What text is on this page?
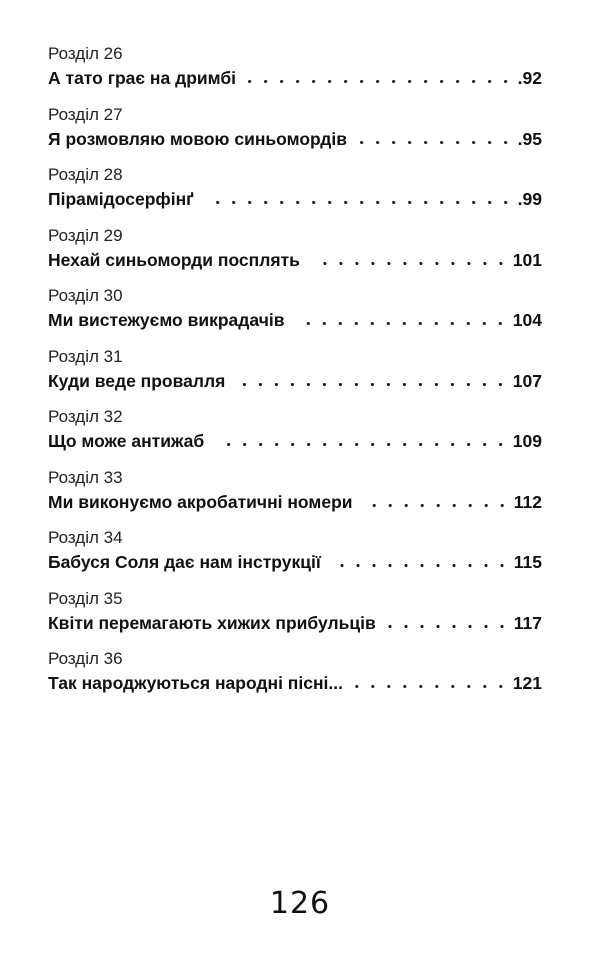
Розділ 26
А тато грає на дримбі	.92
Розділ 27
Я розмовляю мовою синьомордів	.95
Розділ 28
Пірамідосерфінґ	.99
Розділ 29
Нехай синьоморди посплять	101
Розділ 30
Ми вистежуємо викрадачів	104
Розділ 31
Куди веде провалля	107
Розділ 32
Що може антижаб	109
Розділ 33
Ми виконуємо акробатичні номери	112
Розділ 34
Бабуся Соля дає нам інструкції	115
Розділ 35
Квіти перемагають хижих прибульців	117
Розділ 36
Так народжуються народні пісні...	121
126
